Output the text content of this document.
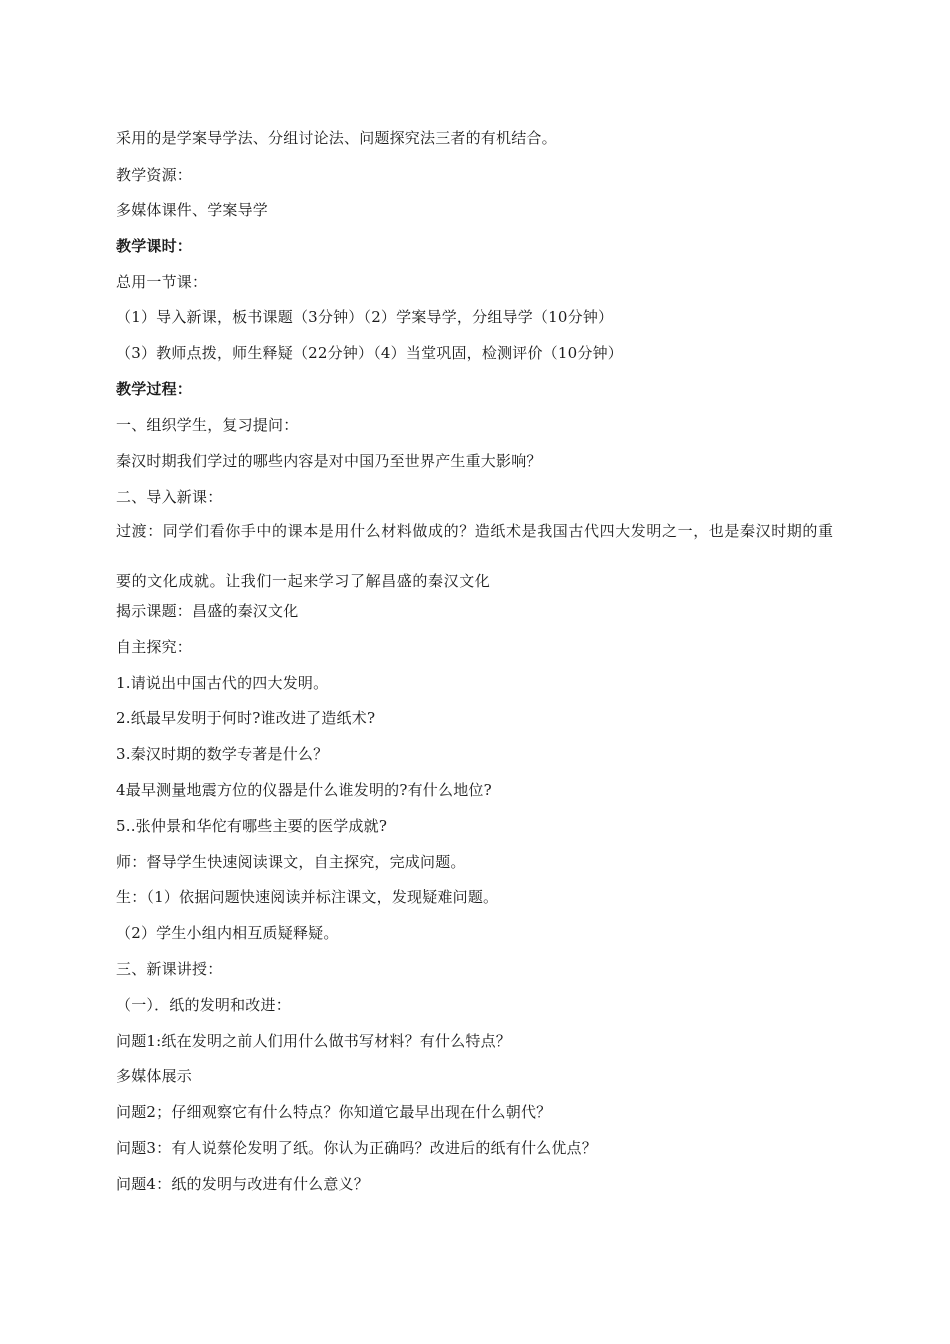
采用的是学案导学法、分组讨论法、问题探究法三者的有机结合。
教学资源：
多媒体课件、学案导学
教学课时：
总用一节课：
（1）导入新课，板书课题（3分钟）（2）学案导学，分组导学（10分钟）
（3）教师点拨，师生释疑（22分钟）（4）当堂巩固，检测评价（10分钟）
教学过程：
一、组织学生，复习提问：
秦汉时期我们学过的哪些内容是对中国乃至世界产生重大影响？
二、导入新课：
过渡：同学们看你手中的课本是用什么材料做成的？造纸术是我国古代四大发明之一，也是秦汉时期的重要的文化成就。让我们一起来学习了解昌盛的秦汉文化
揭示课题：昌盛的秦汉文化
自主探究：
1.请说出中国古代的四大发明。
2.纸最早发明于何时?谁改进了造纸术?
3.秦汉时期的数学专著是什么？
4最早测量地震方位的仪器是什么谁发明的?有什么地位?
5..张仲景和华佗有哪些主要的医学成就?
师：督导学生快速阅读课文，自主探究，完成问题。
生：（1）依据问题快速阅读并标注课文，发现疑难问题。
（2）学生小组内相互质疑释疑。
三、新课讲授：
（一）．纸的发明和改进：
问题1:纸在发明之前人们用什么做书写材料？有什么特点？
多媒体展示
问题2；仔细观察它有什么特点？你知道它最早出现在什么朝代？
问题3：有人说蔡伦发明了纸。你认为正确吗？改进后的纸有什么优点？
问题4：纸的发明与改进有什么意义？
